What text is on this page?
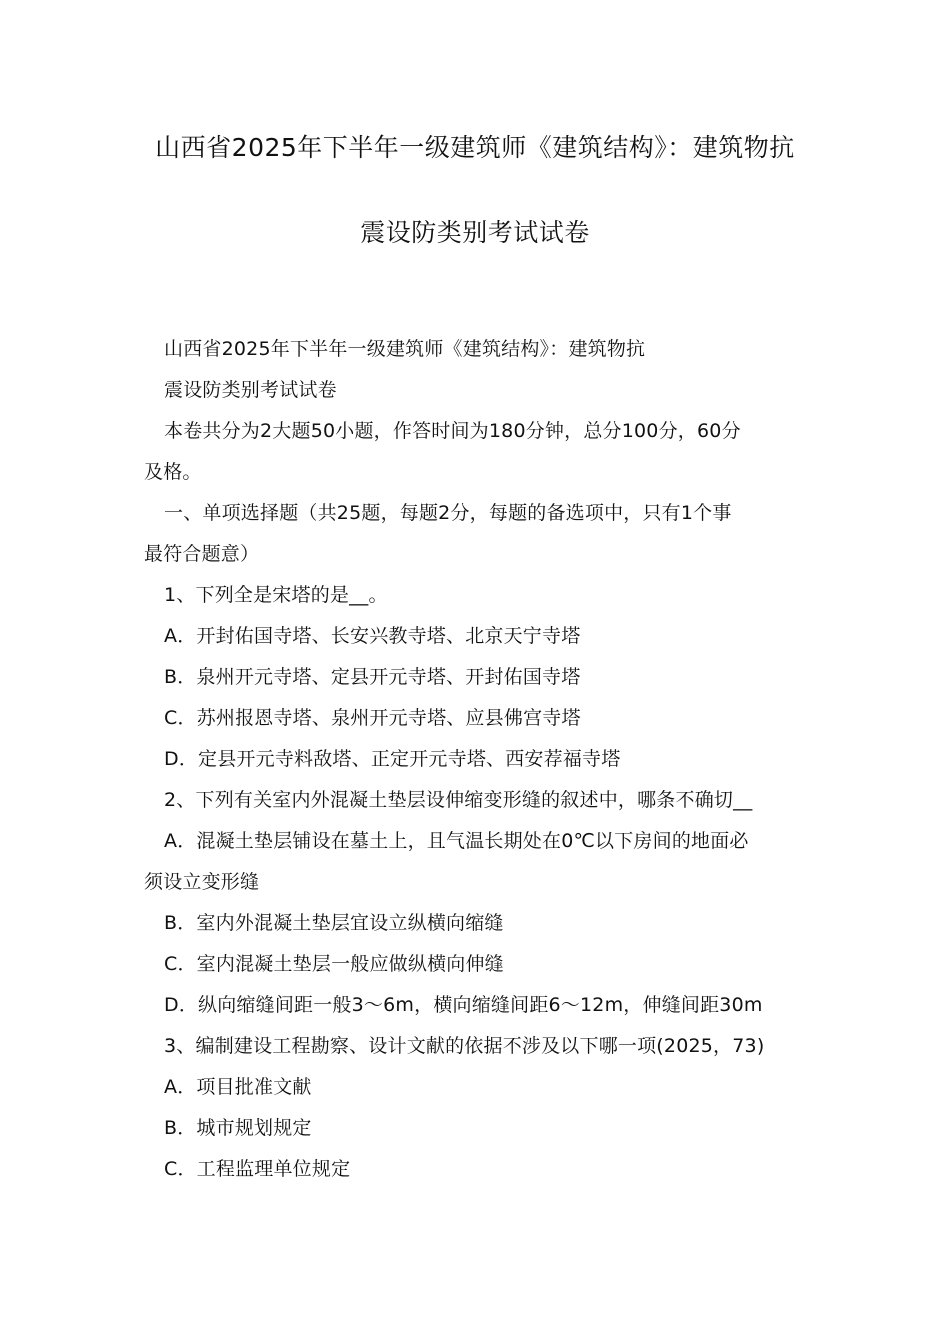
山西省2025年下半年一级建筑师《建筑结构》：建筑物抗
震设防类别考试试卷
山西省2025年下半年一级建筑师《建筑结构》：建筑物抗
震设防类别考试试卷
本卷共分为2大题50小题，作答时间为180分钟，总分100分，60分
及格。
一、单项选择题（共25题，每题2分，每题的备选项中，只有1个事
最符合题意）
1、下列全是宋塔的是__。
A．开封佑国寺塔、长安兴教寺塔、北京天宁寺塔
B．泉州开元寺塔、定县开元寺塔、开封佑国寺塔
C．苏州报恩寺塔、泉州开元寺塔、应县佛宫寺塔
D．定县开元寺料敌塔、正定开元寺塔、西安荐福寺塔
2、下列有关室内外混凝土垫层设伸缩变形缝的叙述中，哪条不确切__
A．混凝土垫层铺设在墓土上，且气温长期处在0℃以下房间的地面必
须设立变形缝
B．室内外混凝土垫层宜设立纵横向缩缝
C．室内混凝土垫层一般应做纵横向伸缝
D．纵向缩缝间距一般3～6m，横向缩缝间距6～12m，伸缝间距30m
3、编制建设工程勘察、设计文献的依据不涉及以下哪一项(2025，73)
A．项目批准文献
B．城市规划规定
C．工程监理单位规定
